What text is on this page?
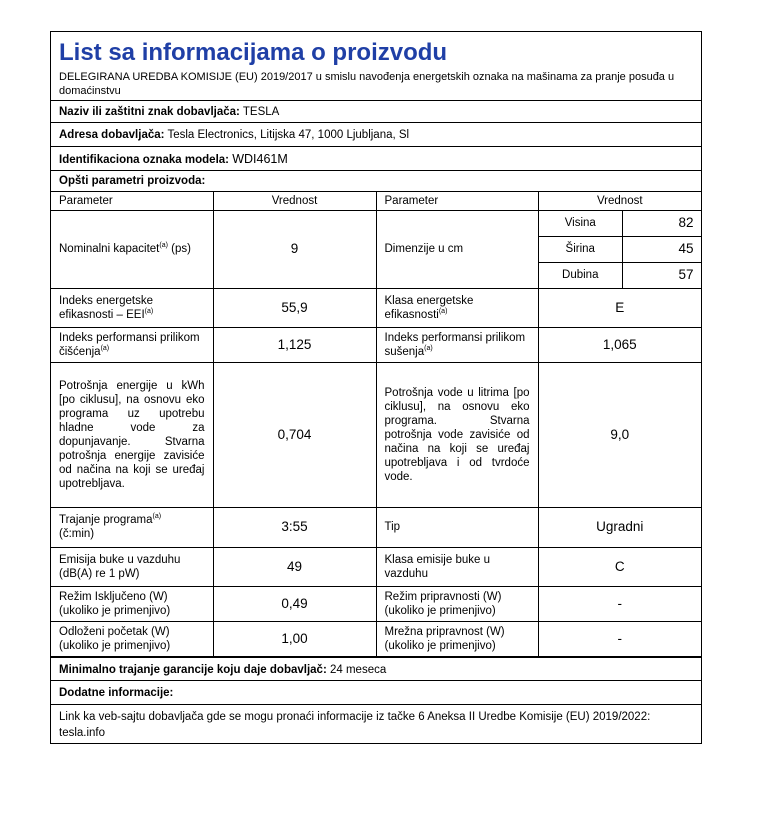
List sa informacijama o proizvodu
DELEGIRANA UREDBA KOMISIJE (EU) 2019/2017 u smislu navođenja energetskih oznaka na mašinama za pranje posuđa u domaćinstvu
Naziv ili zaštitni znak dobavljača: TESLA
Adresa dobavljača: Tesla Electronics, Litijska 47, 1000 Ljubljana, Sl
Identifikaciona oznaka modela: WDI461M
Opšti parametri proizvoda:
Parameter	Vrednost	Parameter	Vrednost
Nominalni kapacitet$^{(a)}$ (ps)	9	Dimenzije u cm	
Visina	82
Širina	45
Dubina	57

Indeks energetske efikasnosti – EEI$^{(a)}$	55,9	Klasa energetske efikasnosti$^{(a)}$	E
Indeks performansi prilikom čišćenja$^{(a)}$	1,125	Indeks performansi prilikom sušenja$^{(a)}$	1,065
Potrošnja energije u kWh [po ciklusu], na osnovu eko programa uz upotrebu hladne vode za dopunjavanje. Stvarna potrošnja energije zavisiće od načina na koji se uređaj upotrebljava.	0,704	Potrošnja vode u litrima [po ciklusu], na osnovu eko programa. Stvarna potrošnja vode zavisiće od načina na koji se uređaj upotrebljava i od tvrdoće vode.	9,0
Trajanje programa$^{(a)}$
(č:min)	3:55	Tip	Ugradni
Emisija buke u vazduhu (dB(A) re 1 pW)	49	Klasa emisije buke u vazduhu	C
Režim Isključeno (W) (ukoliko je primenjivo)	0,49	Režim pripravnosti (W) (ukoliko je primenjivo)	-
Odloženi početak (W) (ukoliko je primenjivo)	1,00	Mrežna pripravnost (W) (ukoliko je primenjivo)	-
Minimalno trajanje garancije koju daje dobavljač: 24 meseca
Dodatne informacije:
Link ka veb-sajtu dobavljača gde se mogu pronaći informacije iz tačke 6 Aneksa II Uredbe Komisije (EU) 2019/2022:
tesla.info
